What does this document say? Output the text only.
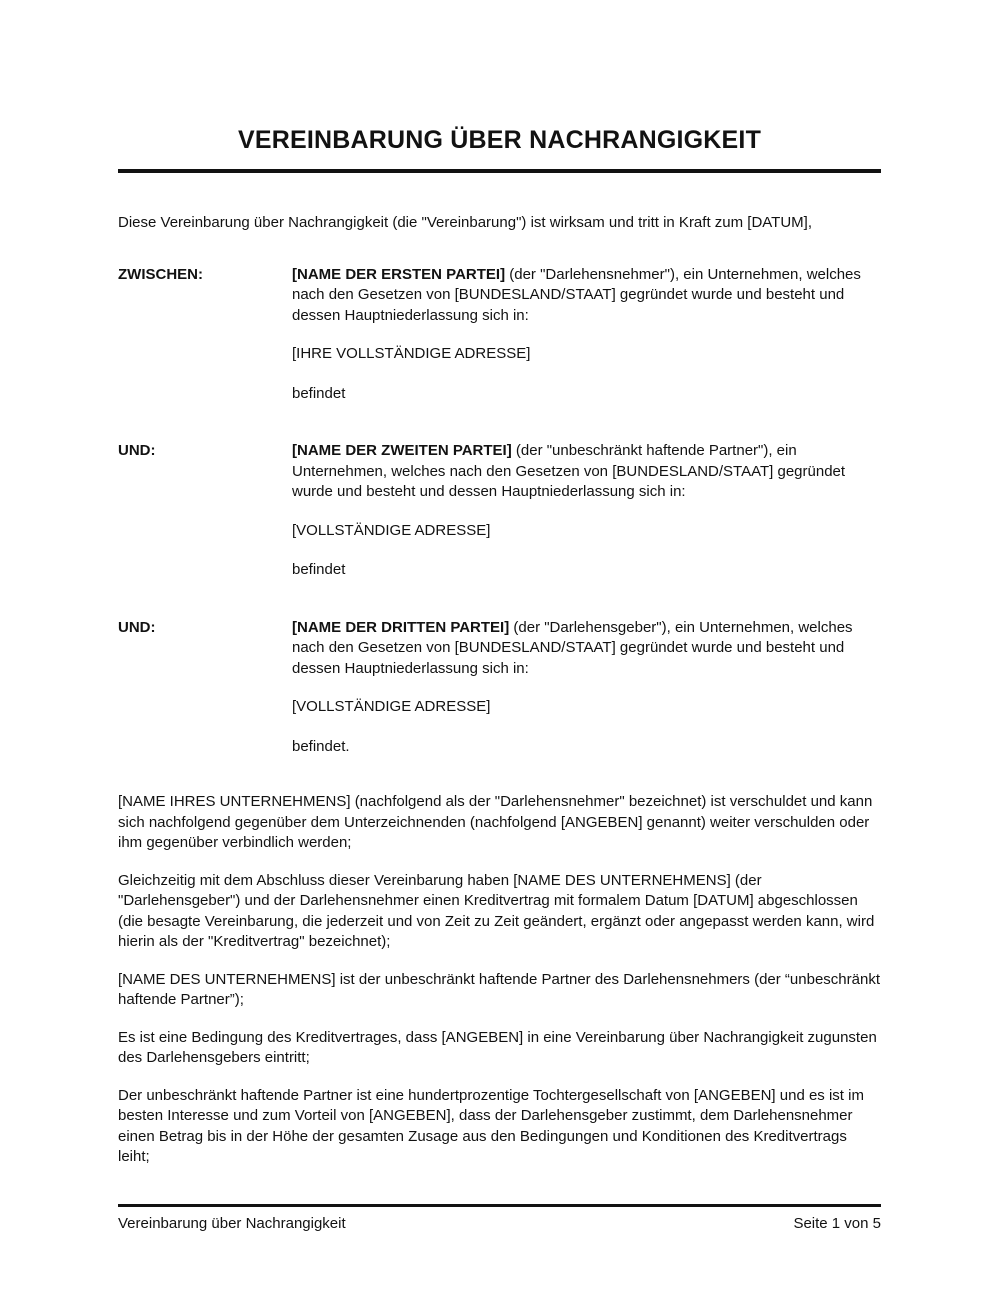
VEREINBARUNG ÜBER NACHRANGIGKEIT

Diese Vereinbarung über Nachrangigkeit (die "Vereinbarung") ist wirksam und tritt in Kraft zum [DATUM],

ZWISCHEN:	[NAME DER ERSTEN PARTEI] (der "Darlehensnehmer"), ein Unternehmen, welches nach den Gesetzen von [BUNDESLAND/STAAT] gegründet wurde und besteht und dessen Hauptniederlassung sich in:

[IHRE VOLLSTÄNDIGE ADRESSE]

befindet

UND:	[NAME DER ZWEITEN PARTEI] (der "unbeschränkt haftende Partner"), ein Unternehmen, welches nach den Gesetzen von [BUNDESLAND/STAAT] gegründet wurde und besteht und dessen Hauptniederlassung sich in:

[VOLLSTÄNDIGE ADRESSE]

befindet

UND:	[NAME DER DRITTEN PARTEI] (der "Darlehensgeber"), ein Unternehmen, welches nach den Gesetzen von [BUNDESLAND/STAAT] gegründet wurde und besteht und dessen Hauptniederlassung sich in:

[VOLLSTÄNDIGE ADRESSE]

befindet.

[NAME IHRES UNTERNEHMENS] (nachfolgend als der "Darlehensnehmer" bezeichnet) ist verschuldet und kann sich nachfolgend gegenüber dem Unterzeichnenden (nachfolgend [ANGEBEN] genannt) weiter verschulden oder ihm gegenüber verbindlich werden;

Gleichzeitig mit dem Abschluss dieser Vereinbarung haben [NAME DES UNTERNEHMENS] (der "Darlehensgeber") und der Darlehensnehmer einen Kreditvertrag mit formalem Datum [DATUM] abgeschlossen (die besagte Vereinbarung, die jederzeit und von Zeit zu Zeit geändert, ergänzt oder angepasst werden kann, wird hierin als der "Kreditvertrag" bezeichnet);

[NAME DES UNTERNEHMENS] ist der unbeschränkt haftende Partner des Darlehensnehmers (der “unbeschränkt haftende Partner”);

Es ist eine Bedingung des Kreditvertrages, dass [ANGEBEN] in eine Vereinbarung über Nachrangigkeit zugunsten des Darlehensgebers eintritt;

Der unbeschränkt haftende Partner ist eine hundertprozentige Tochtergesellschaft von [ANGEBEN] und es ist im besten Interesse und zum Vorteil von [ANGEBEN], dass der Darlehensgeber zustimmt, dem Darlehensnehmer einen Betrag bis in der Höhe der gesamten Zusage aus den Bedingungen und Konditionen des Kreditvertrags leiht;

Vereinbarung über Nachrangigkeit	Seite 1 von 5
